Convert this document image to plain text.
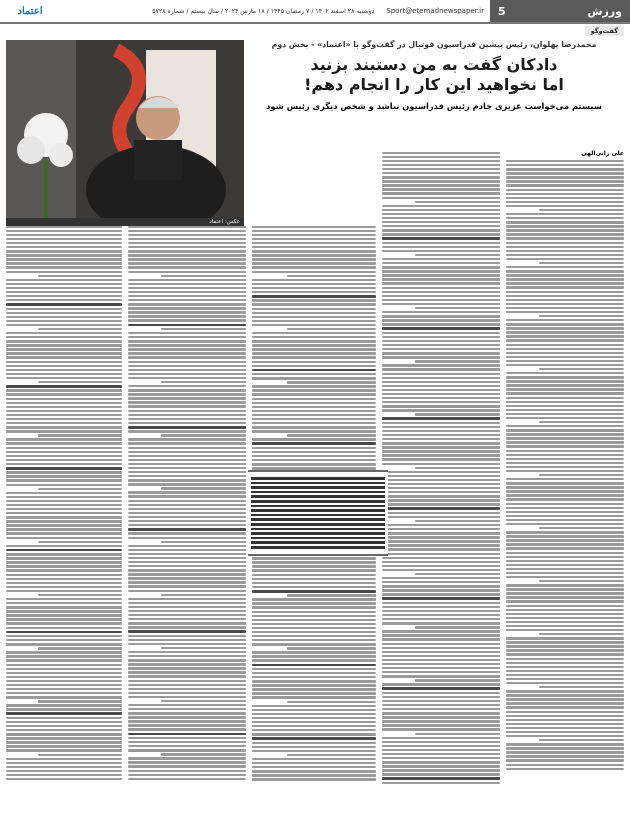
ورزش
5
Sport@etemadnewspaper.ir
دوشنبه ۲۸ اسفند ۱۴۰۲ / ۷ رمضان ۱۴۴۵ / ۱۸ مارس ۲۰۲۴ / سال بیستم / شماره ۵۷۲۸
اعتماد
گفت‌وگو
محمدرضا پهلوان، رئیس پیشین فدراسیون فوتبال در گفت‌وگو با «اعتماد» - بخش دوم
دادکان گفت به من دستبند بزنید
اما نخواهید این کار را انجام دهم!
سیستم می‌خواست عزیزی خادم رئیس فدراسیون نباشد و شخص دیگری رئیس شود
عکس: اعتماد
علی رانی‌الهی
